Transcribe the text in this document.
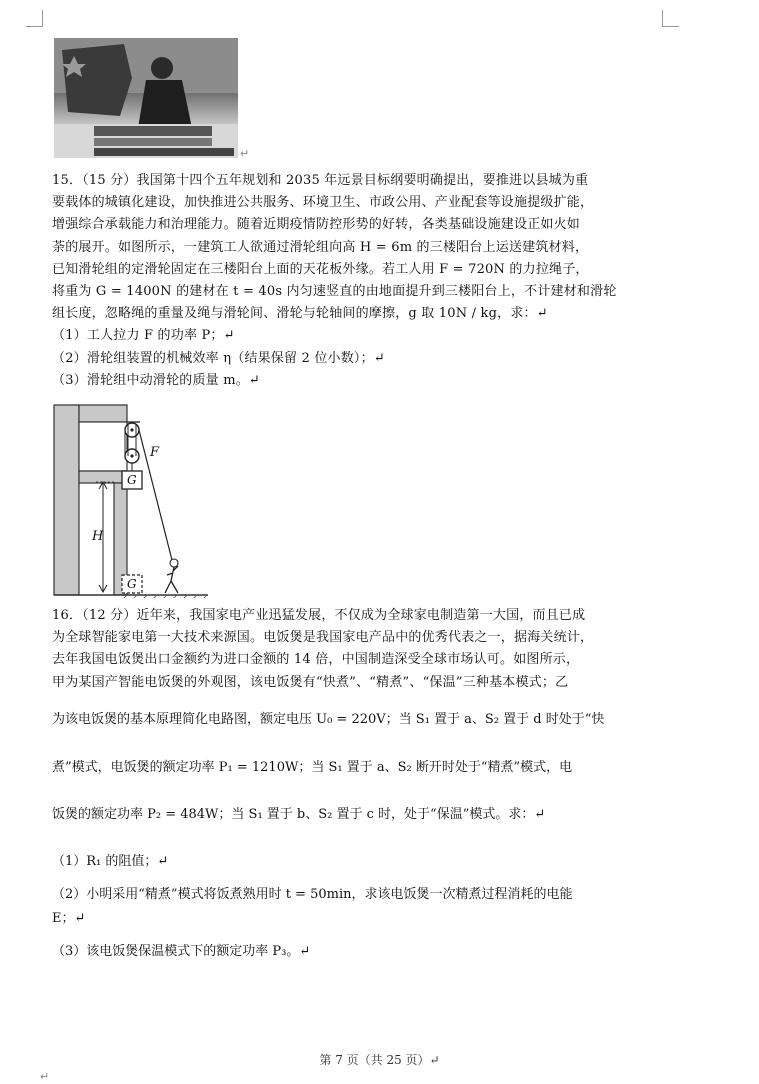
↵
15．（15 分）我国第十四个五年规划和 2035 年远景目标纲要明确提出，要推进以县城为重
要载体的城镇化建设，加快推进公共服务、环境卫生、市政公用、产业配套等设施提级扩能，
增强综合承载能力和治理能力。随着近期疫情防控形势的好转，各类基础设施建设正如火如
荼的展开。如图所示，一建筑工人欲通过滑轮组向高 H = 6m 的三楼阳台上运送建筑材料，
已知滑轮组的定滑轮固定在三楼阳台上面的天花板外缘。若工人用 F = 720N 的力拉绳子，
将重为 G = 1400N 的建材在 t = 40s 内匀速竖直的由地面提升到三楼阳台上，不计建材和滑轮
组长度，忽略绳的重量及绳与滑轮间、滑轮与轮轴间的摩擦，g 取 10N / kg，求：↵
（1）工人拉力 F 的功率 P；↵
（2）滑轮组装置的机械效率 η（结果保留 2 位小数）；↵
（3）滑轮组中动滑轮的质量 m。↵
F
G
H
G
16．（12 分）近年来，我国家电产业迅猛发展，不仅成为全球家电制造第一大国，而且已成
为全球智能家电第一大技术来源国。电饭煲是我国家电产品中的优秀代表之一，据海关统计，
去年我国电饭煲出口金额约为进口金额的 14 倍，中国制造深受全球市场认可。如图所示，
甲为某国产智能电饭煲的外观图，该电饭煲有“快煮”、“精煮”、“保温”三种基本模式；乙
为该电饭煲的基本原理简化电路图，额定电压 U₀ = 220V；当 S₁ 置于 a、S₂ 置于 d 时处于“快
煮”模式，电饭煲的额定功率 P₁ = 1210W；当 S₁ 置于 a、S₂ 断开时处于“精煮”模式，电
饭煲的额定功率 P₂ = 484W；当 S₁ 置于 b、S₂ 置于 c 时，处于“保温”模式。求：↵
（1）R₁ 的阻值；↵
（2）小明采用“精煮”模式将饭煮熟用时 t = 50min，求该电饭煲一次精煮过程消耗的电能
E；↵
（3）该电饭煲保温模式下的额定功率 P₃。↵
第 7 页（共 25 页）↵
↵
